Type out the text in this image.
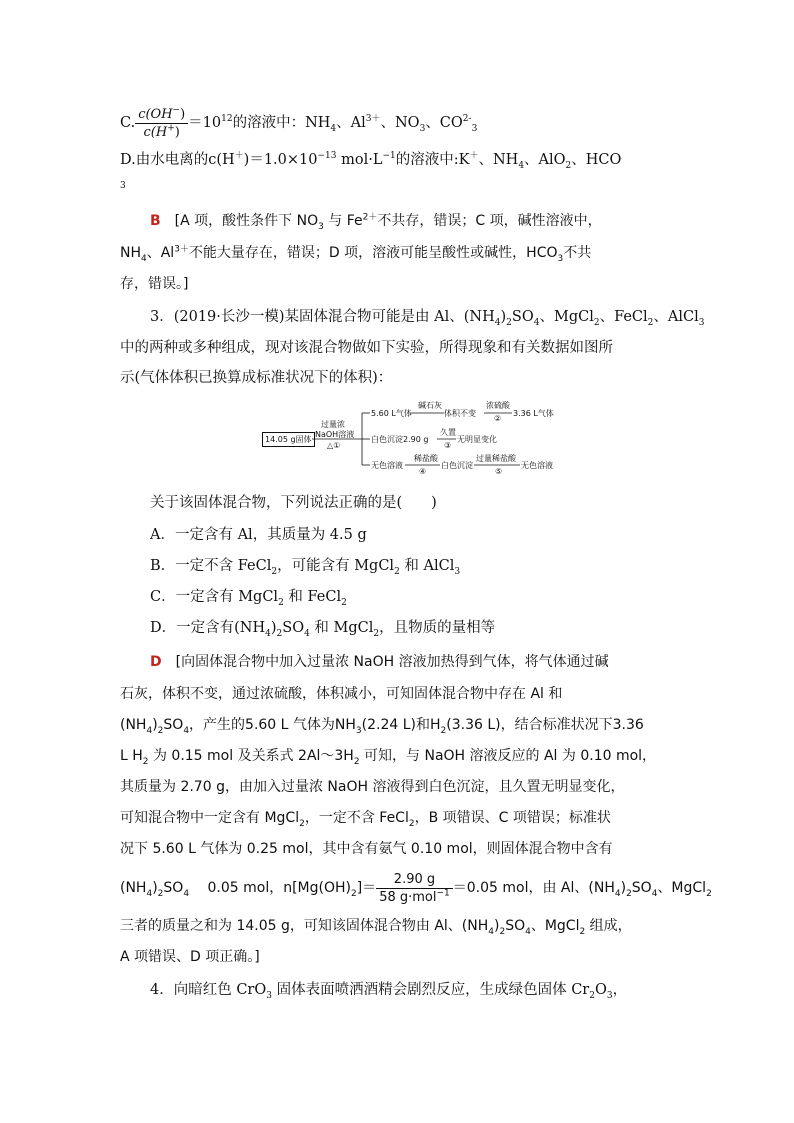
C. $\frac{c(OH^-)}{c(H^+)} =10^{12}$的溶液中：$NH_4$、$Al^{3+}$、$NO_3$、$CO^{2-}_3$
D.由水电离的$c(H^+)=1.0\times 10^{-13}$ $mol\cdot L^{-1}$的溶液中:K＋、$NH_4$、AlO$_2$、HCO
3
B　 [A 项，酸性条件下 $NO_3$ 与 $Fe^{2+}$不共存，错误；C 项，碱性溶液中，
$NH_4$、$Al^{3+}$不能大量存在，错误；D 项，溶液可能呈酸性或碱性，$HCO_3$不共
存，错误。]
3．(2019·长沙一模)某固体混合物可能是由 Al、$(NH_4)_2SO_4$、MgCl$_2$、FeCl$_2$、AlCl$_3$
中的两种或多种组成，现对该混合物做如下实验，所得现象和有关数据如图所
示(气体体积已换算成标准状况下的体积)：
14.05 g固体
过量浓
NaOH溶液
△①
5.60 L气体
碱石灰
体积不变
浓硫酸
②
3.36 L气体
白色沉淀2.90 g
久置
③
无明显变化
无色溶液
稀盐酸
④
白色沉淀
过量稀盐酸
⑤
无色溶液
关于该固体混合物，下列说法正确的是(　　)
A．一定含有 Al，其质量为 4.5 g
B．一定不含 FeCl$_2$，可能含有 MgCl$_2$ 和 AlCl$_3$
C．一定含有 MgCl$_2$ 和 FeCl$_2$
D．一定含有$(NH_4)_2SO_4$ 和 MgCl$_2$，且物质的量相等
D　 [向固体混合物中加入过量浓 NaOH 溶液加热得到气体，将气体通过碱
石灰，体积不变，通过浓硫酸，体积减小，可知固体混合物中存在 Al 和
$(NH_4)_2SO_4$，产生的5.60 L 气体为$NH_3(2.24$ L)和$H_2(3.36$ L)，结合标准状况下3.36
L $H_2$ 为 0.15 mol 及关系式 $2Al\sim 3H_2$ 可知，与 NaOH 溶液反应的 Al 为 0.10 mol，
其质量为 2.70 g，由加入过量浓 NaOH 溶液得到白色沉淀，且久置无明显变化，
可知混合物中一定含有 MgCl$_2$，一定不含 FeCl$_2$，B 项错误、C 项错误；标准状
况下 5.60 L 气体为 0.25 mol，其中含有氨气 0.10 mol，则固体混合物中含有
$(NH_4)_2SO_4$　 0.05 mol，$n[Mg(OH)_2]= \frac{2.90 g}{58 g\cdot mol^{-1}} =0.05$ mol，由 Al、$(NH_4)_2SO_4$、MgCl$_2$
三者的质量之和为 14.05 g，可知该固体混合物由 Al、$(NH_4)_2SO_4$、MgCl$_2$ 组成，
A 项错误、D 项正确。]
4．向暗红色 CrO$_3$ 固体表面喷洒酒精会剧烈反应，生成绿色固体 $Cr_2O_3$，
